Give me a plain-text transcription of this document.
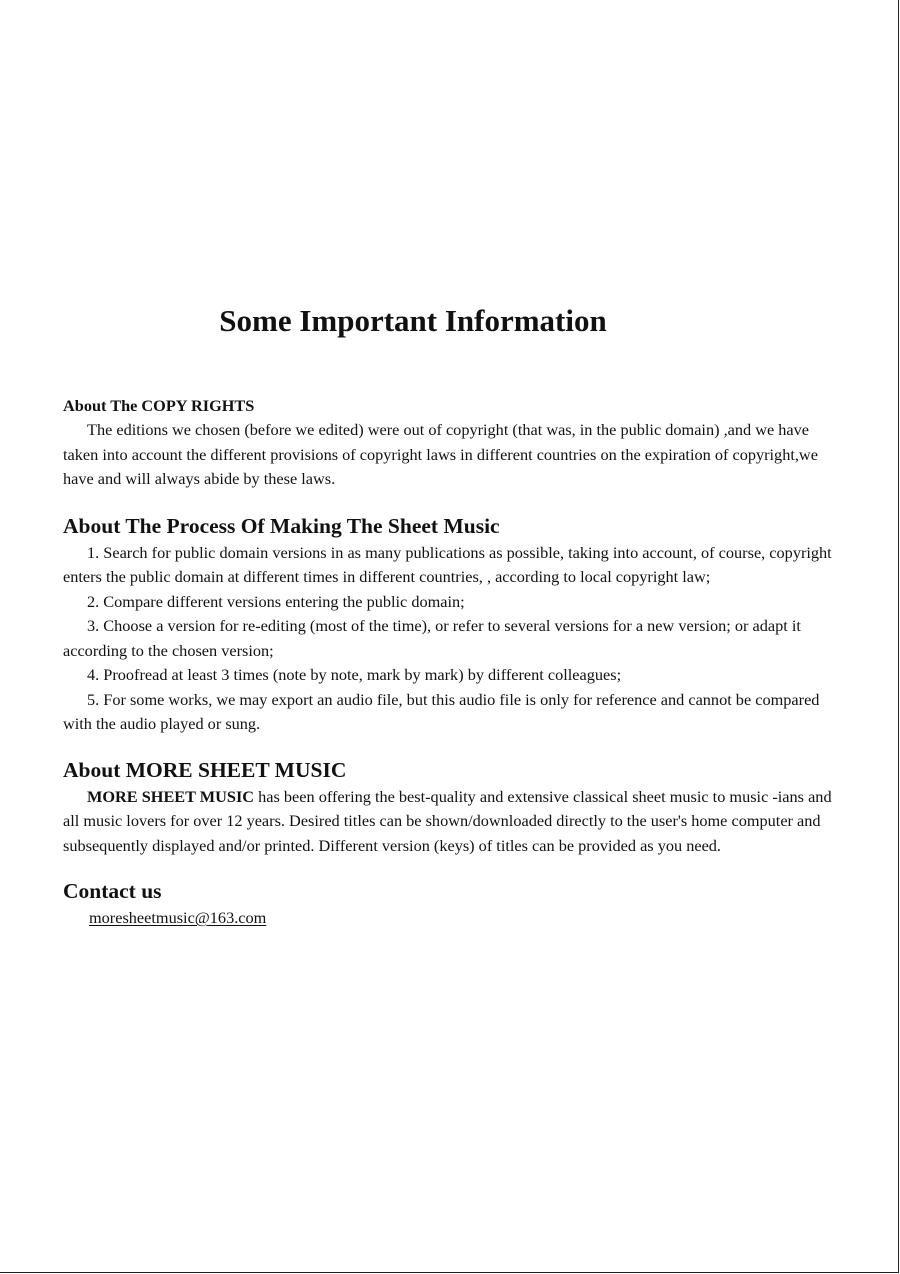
Some Important Information
About The COPY RIGHTS

The editions we chosen (before we edited) were out of copyright (that was, in the public domain) ,and we have taken into account the different provisions of copyright laws in different countries on the expiration of copyright,we have and will always abide by these laws.

About The Process Of Making The Sheet Music

1. Search for public domain versions in as many publications as possible, taking into account, of course, copyright enters the public domain at different times in different countries, , according to local copyright law;

2. Compare different versions entering the public domain;

3. Choose a version for re-editing (most of the time), or refer to several versions for a new version; or adapt it according to the chosen version;

4. Proofread at least 3 times (note by note, mark by mark) by different colleagues;

5. For some works, we may export an audio file, but this audio file is only for reference and cannot be compared with the audio played or sung.

About MORE SHEET MUSIC

MORE SHEET MUSIC has been offering the best-quality and extensive classical sheet music to music -ians and all music lovers for over 12 years. Desired titles can be shown/downloaded directly to the user's home computer and subsequently displayed and/or printed. Different version (keys) of titles can be provided as you need.

Contact us
moresheetmusic@163.com
